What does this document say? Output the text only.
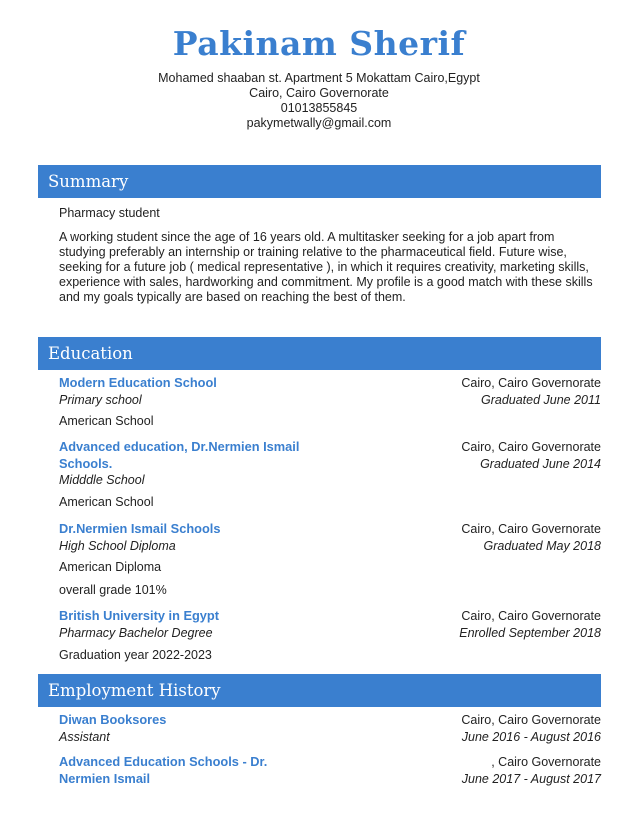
Pakinam Sherif
Mohamed shaaban st. Apartment 5 Mokattam Cairo,Egypt
Cairo, Cairo Governorate
01013855845
pakymetwally@gmail.com
Summary

Pharmacy student

A working student since the age of 16 years old. A multitasker seeking for a job apart from studying preferably an internship or training relative to the pharmaceutical field. Future wise, seeking for a future job ( medical representative ), in which it requires creativity, marketing skills, experience with sales, hardworking and commitment. My profile is a good match with these skills and my goals typically are based on reaching the best of them.

Education
Modern Education School
Primary school
Cairo, Cairo Governorate
Graduated June 2011
American School
Advanced education, Dr.Nermien Ismail Schools.
Midddle School
Cairo, Cairo Governorate
Graduated June 2014
American School
Dr.Nermien Ismail Schools
High School Diploma
Cairo, Cairo Governorate
Graduated May 2018
American Diploma
overall grade 101%
British University in Egypt
Pharmacy Bachelor Degree
Cairo, Cairo Governorate
Enrolled September 2018
Graduation year 2022-2023
Employment History
Diwan Booksores
Assistant
Cairo, Cairo Governorate
June 2016 - August 2016
Advanced Education Schools - Dr. Nermien Ismail
, Cairo Governorate
June 2017 - August 2017
